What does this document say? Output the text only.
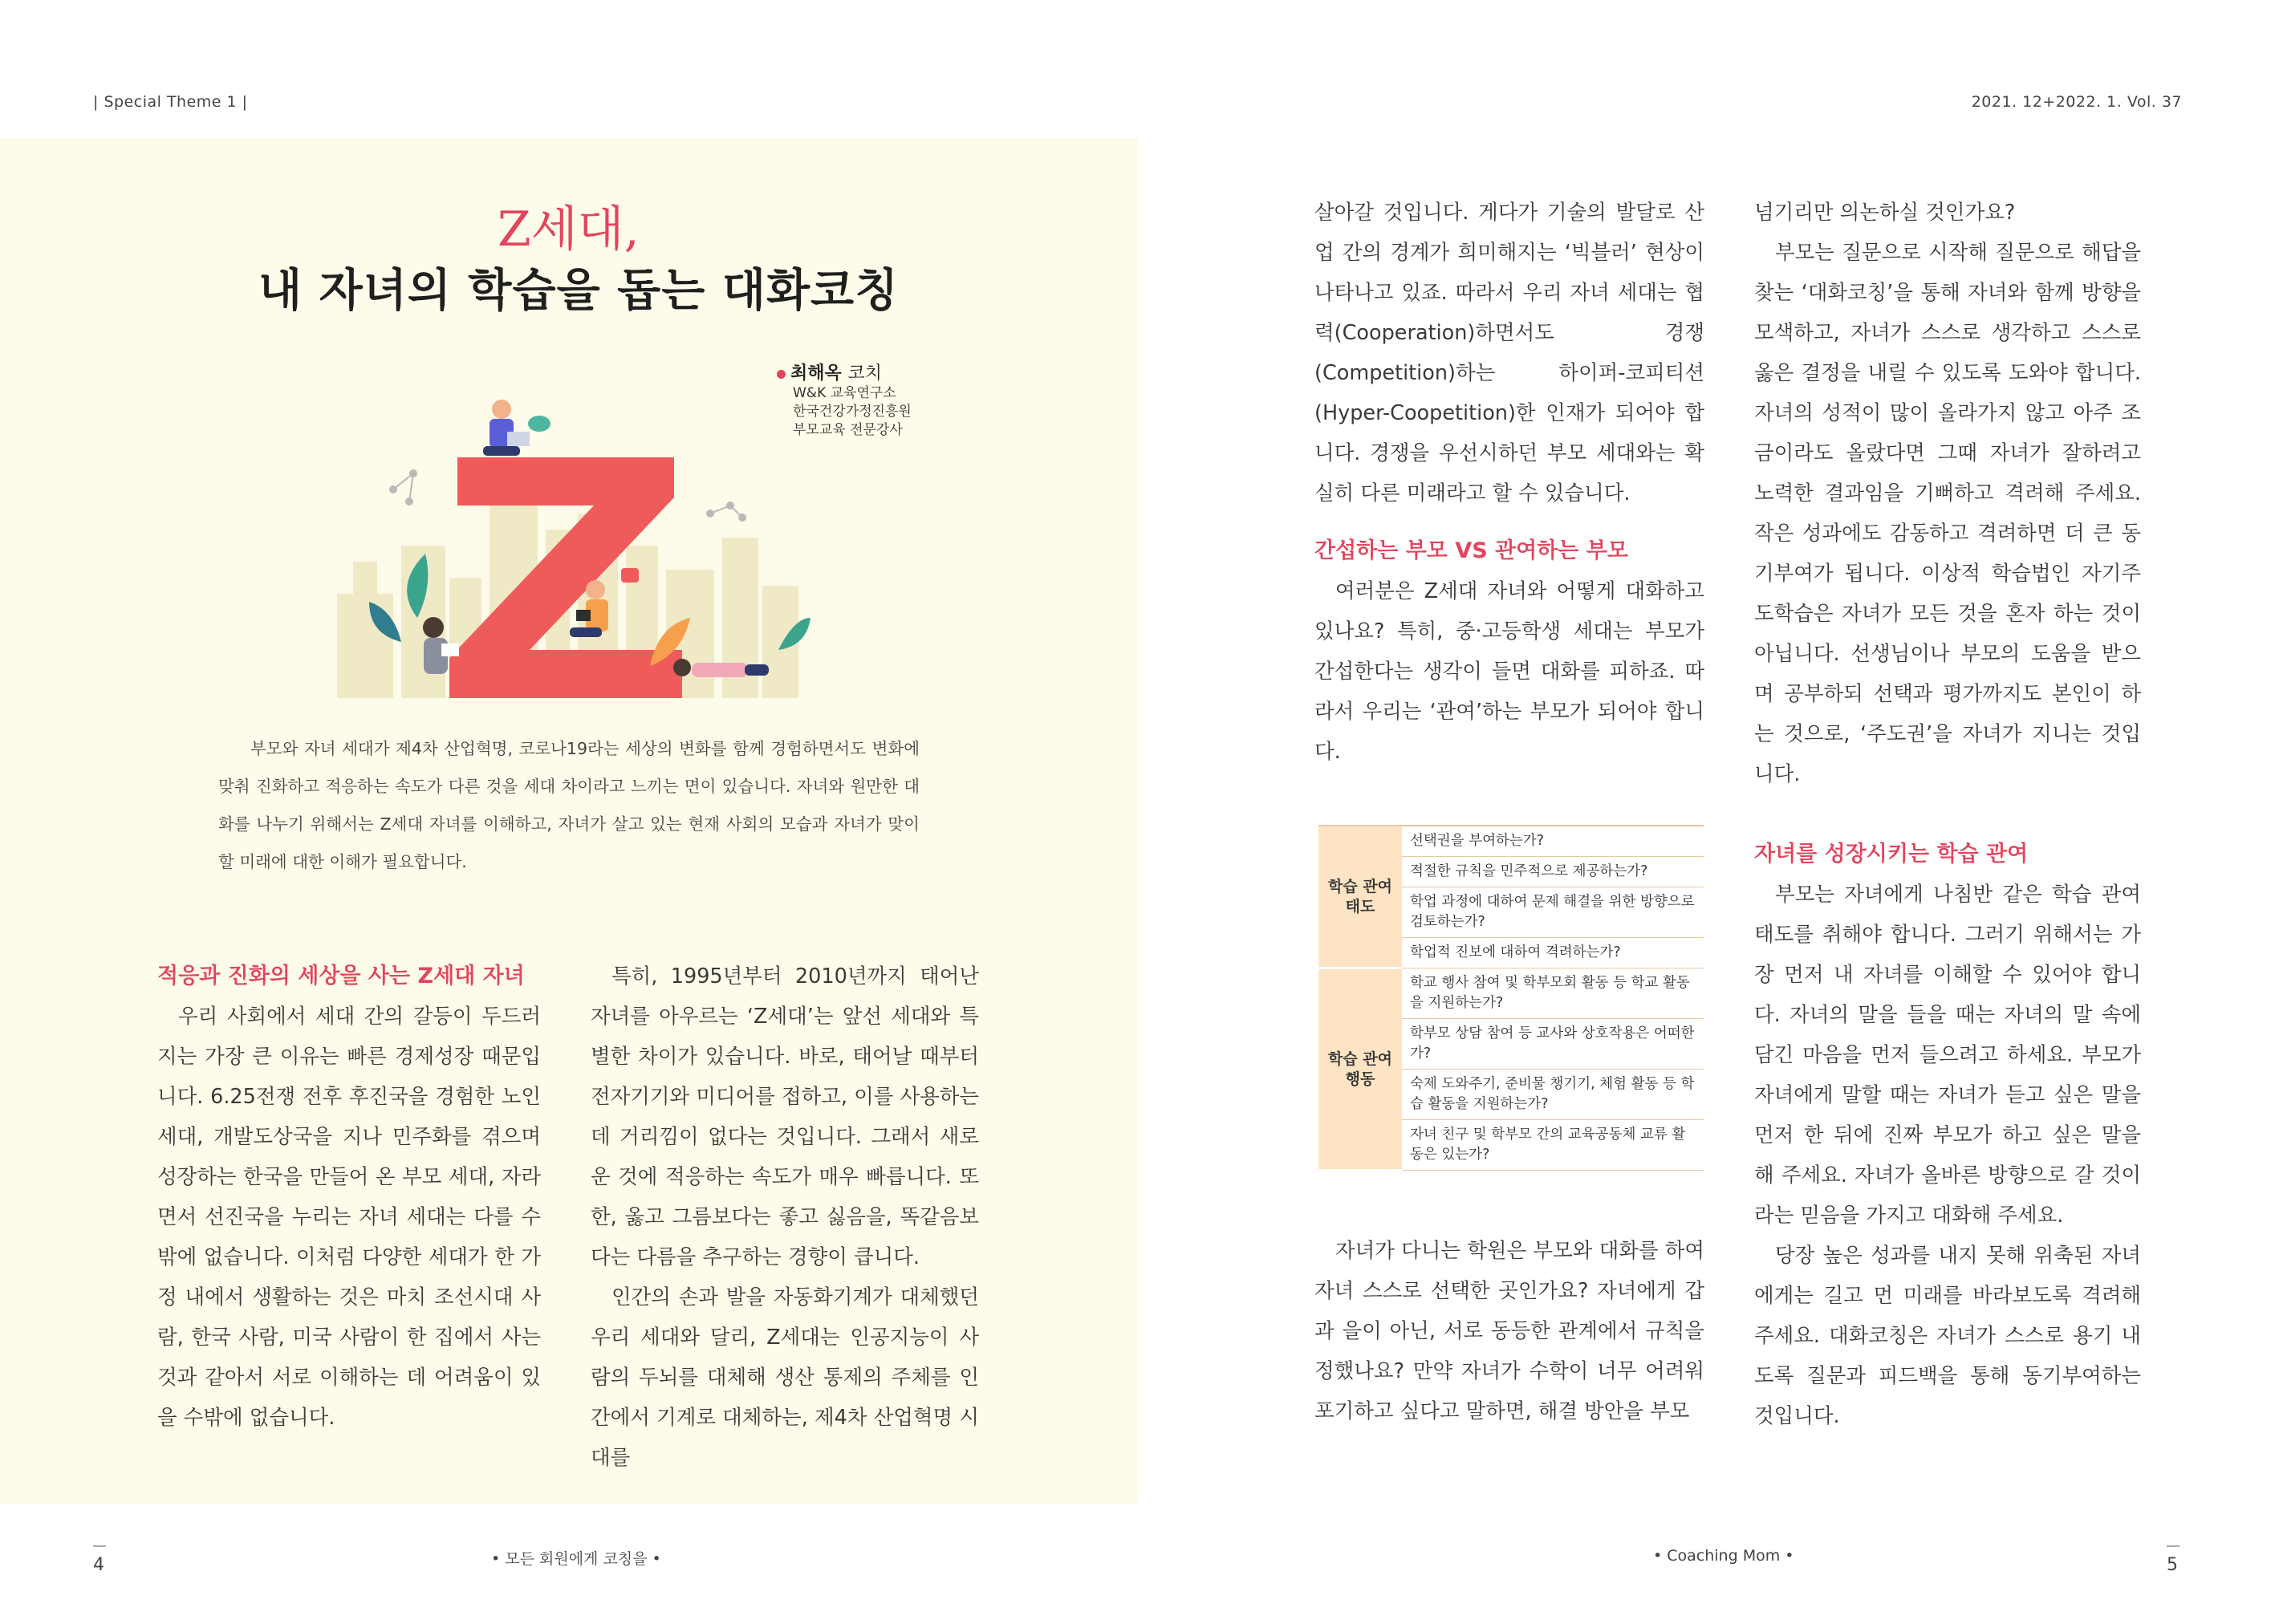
| Special Theme 1 |	2021. 12+2022. 1. Vol. 37
Z세대,
내 자녀의 학습을 돕는 대화코칭
최해옥 코치
W&K 교육연구소
한국건강가정진흥원
부모교육 전문강사
부모와 자녀 세대가 제4차 산업혁명, 코로나19라는 세상의 변화를 함께 경험하면서도 변화에 맞춰 진화하고 적응하는 속도가 다른 것을 세대 차이라고 느끼는 면이 있습니다. 자녀와 원만한 대화를 나누기 위해서는 Z세대 자녀를 이해하고, 자녀가 살고 있는 현재 사회의 모습과 자녀가 맞이할 미래에 대한 이해가 필요합니다.
적응과 진화의 세상을 사는 Z세대 자녀

우리 사회에서 세대 간의 갈등이 두드러지는 가장 큰 이유는 빠른 경제성장 때문입니다. 6.25전쟁 전후 후진국을 경험한 노인 세대, 개발도상국을 지나 민주화를 겪으며 성장하는 한국을 만들어 온 부모 세대, 자라면서 선진국을 누리는 자녀 세대는 다를 수밖에 없습니다. 이처럼 다양한 세대가 한 가정 내에서 생활하는 것은 마치 조선시대 사람, 한국 사람, 미국 사람이 한 집에서 사는 것과 같아서 서로 이해하는 데 어려움이 있을 수밖에 없습니다.

특히, 1995년부터 2010년까지 태어난 자녀를 아우르는 ‘Z세대’는 앞선 세대와 특별한 차이가 있습니다. 바로, 태어날 때부터 전자기기와 미디어를 접하고, 이를 사용하는 데 거리낌이 없다는 것입니다. 그래서 새로운 것에 적응하는 속도가 매우 빠릅니다. 또한, 옳고 그름보다는 좋고 싫음을, 똑같음보다는 다름을 추구하는 경향이 큽니다.

인간의 손과 발을 자동화기계가 대체했던 우리 세대와 달리, Z세대는 인공지능이 사람의 두뇌를 대체해 생산 통제의 주체를 인간에서 기계로 대체하는, 제4차 산업혁명 시대를

살아갈 것입니다. 게다가 기술의 발달로 산업 간의 경계가 희미해지는 ‘빅블러’ 현상이 나타나고 있죠. 따라서 우리 자녀 세대는 협력(Cooperation)하면서도 경쟁(Competition)하는 하이퍼-코피티션(Hyper-Coopetition)한 인재가 되어야 합니다. 경쟁을 우선시하던 부모 세대와는 확실히 다른 미래라고 할 수 있습니다.

간섭하는 부모 VS 관여하는 부모

여러분은 Z세대 자녀와 어떻게 대화하고 있나요? 특히, 중·고등학생 세대는 부모가 간섭한다는 생각이 들면 대화를 피하죠. 따라서 우리는 ‘관여’하는 부모가 되어야 합니다.

학습 관여
태도	선택권을 부여하는가?
	적절한 규칙을 민주적으로 제공하는가?
	학업 과정에 대하여 문제 해결을 위한 방향으로 검토하는가?
	학업적 진보에 대하여 격려하는가?
학습 관여
행동	학교 행사 참여 및 학부모회 활동 등 학교 활동을 지원하는가?
	학부모 상담 참여 등 교사와 상호작용은 어떠한가?
	숙제 도와주기, 준비물 챙기기, 체험 활동 등 학습 활동을 지원하는가?
	자녀 친구 및 학부모 간의 교육공동체 교류 활동은 있는가?

자녀가 다니는 학원은 부모와 대화를 하여 자녀 스스로 선택한 곳인가요? 자녀에게 갑과 을이 아닌, 서로 동등한 관계에서 규칙을 정했나요? 만약 자녀가 수학이 너무 어려워 포기하고 싶다고 말하면, 해결 방안을 부모

넘기리만 의논하실 것인가요?

부모는 질문으로 시작해 질문으로 해답을 찾는 ‘대화코칭’을 통해 자녀와 함께 방향을 모색하고, 자녀가 스스로 생각하고 스스로 옳은 결정을 내릴 수 있도록 도와야 합니다. 자녀의 성적이 많이 올라가지 않고 아주 조금이라도 올랐다면 그때 자녀가 잘하려고 노력한 결과임을 기뻐하고 격려해 주세요. 작은 성과에도 감동하고 격려하면 더 큰 동기부여가 됩니다. 이상적 학습법인 자기주도학습은 자녀가 모든 것을 혼자 하는 것이 아닙니다. 선생님이나 부모의 도움을 받으며 공부하되 선택과 평가까지도 본인이 하는 것으로, ‘주도권’을 자녀가 지니는 것입니다.

자녀를 성장시키는 학습 관여

부모는 자녀에게 나침반 같은 학습 관여 태도를 취해야 합니다. 그러기 위해서는 가장 먼저 내 자녀를 이해할 수 있어야 합니다. 자녀의 말을 들을 때는 자녀의 말 속에 담긴 마음을 먼저 들으려고 하세요. 부모가 자녀에게 말할 때는 자녀가 듣고 싶은 말을 먼저 한 뒤에 진짜 부모가 하고 싶은 말을 해 주세요. 자녀가 올바른 방향으로 갈 것이라는 믿음을 가지고 대화해 주세요.

당장 높은 성과를 내지 못해 위축된 자녀에게는 길고 먼 미래를 바라보도록 격려해 주세요. 대화코칭은 자녀가 스스로 용기 내도록 질문과 피드백을 통해 동기부여하는 것입니다.

4	• 모든 회원에게 코칭을 •	• Coaching Mom •	5
